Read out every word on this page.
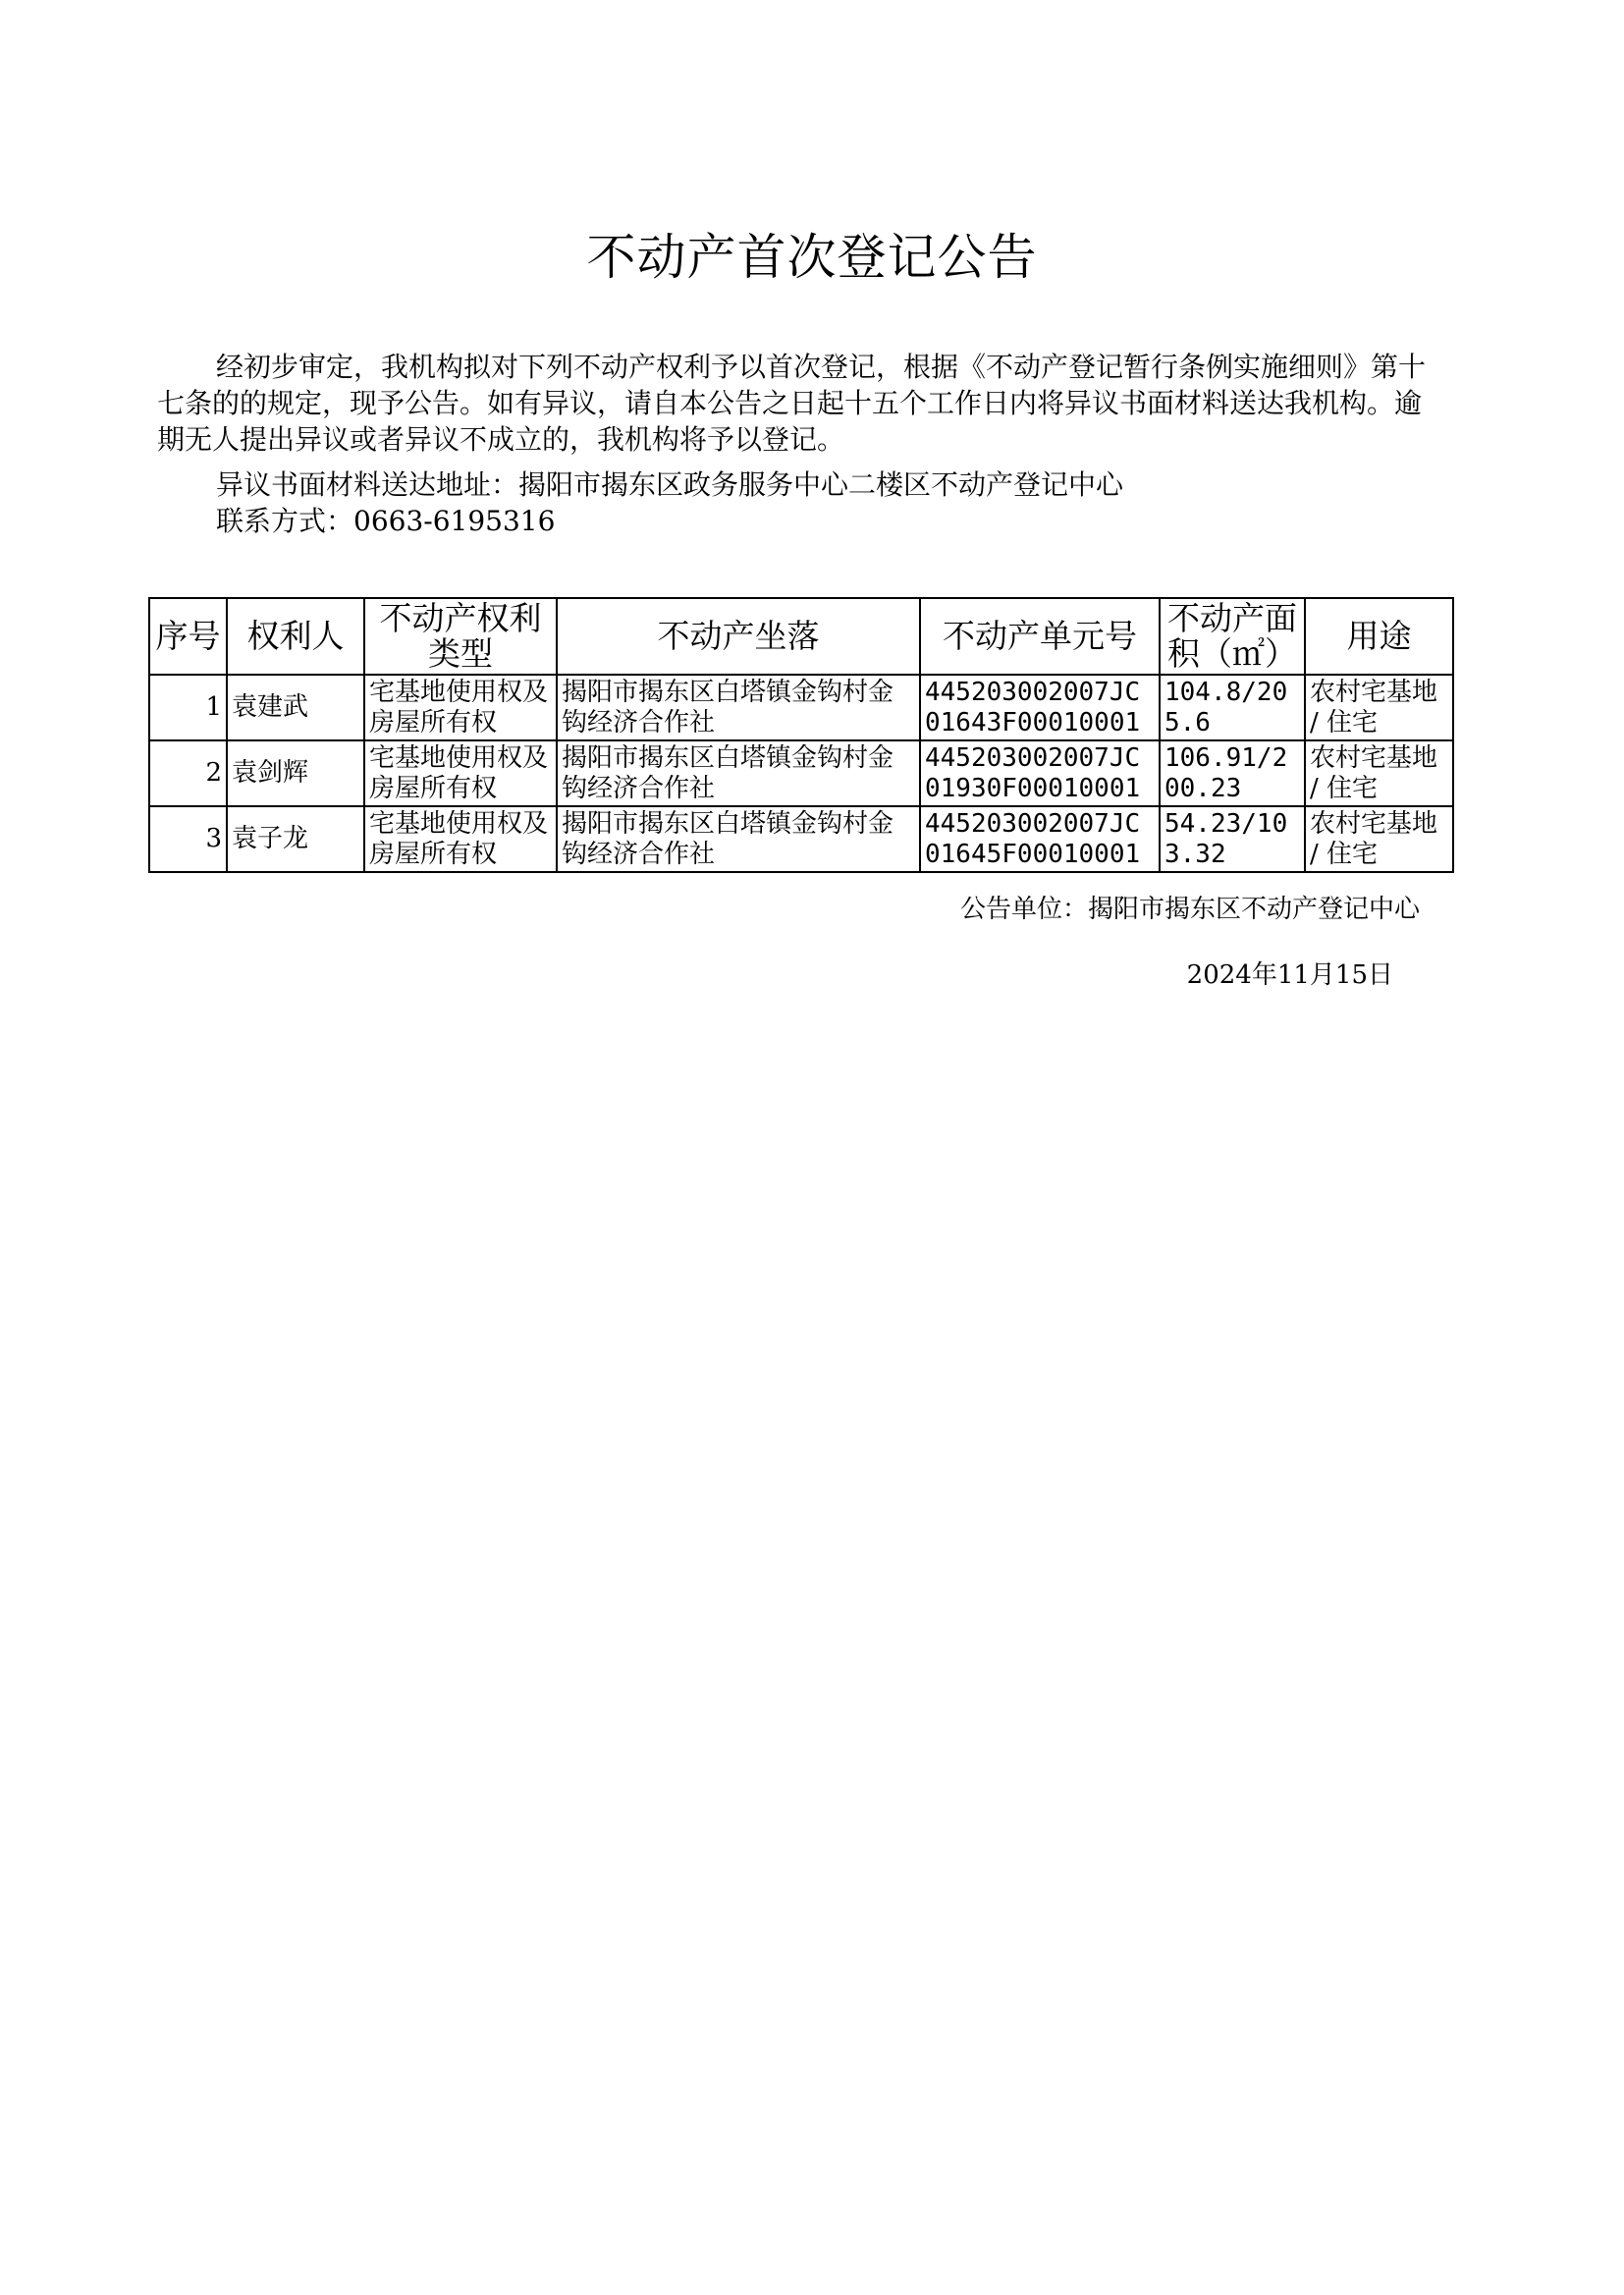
不动产首次登记公告

经初步审定，我机构拟对下列不动产权利予以首次登记，根据《不动产登记暂行条例实施细则》第十七条的的规定，现予公告。如有异议，请自本公告之日起十五个工作日内将异议书面材料送达我机构。逾期无人提出异议或者异议不成立的，我机构将予以登记。

异议书面材料送达地址：揭阳市揭东区政务服务中心二楼区不动产登记中心
联系方式：0663-6195316
序号	权利人	不动产权利类型	不动产坐落	不动产单元号	不动产面积（㎡）	用途
1	袁建武	宅基地使用权及房屋所有权	揭阳市揭东区白塔镇金钩村金钩经济合作社	445203002007JC01643F00010001	104.8/205.6	农村宅基地 / 住宅
2	袁剑辉	宅基地使用权及房屋所有权	揭阳市揭东区白塔镇金钩村金钩经济合作社	445203002007JC01930F00010001	106.91/200.23	农村宅基地 / 住宅
3	袁子龙	宅基地使用权及房屋所有权	揭阳市揭东区白塔镇金钩村金钩经济合作社	445203002007JC01645F00010001	54.23/103.32	农村宅基地 / 住宅
公告单位：揭阳市揭东区不动产登记中心
2024年11月15日
